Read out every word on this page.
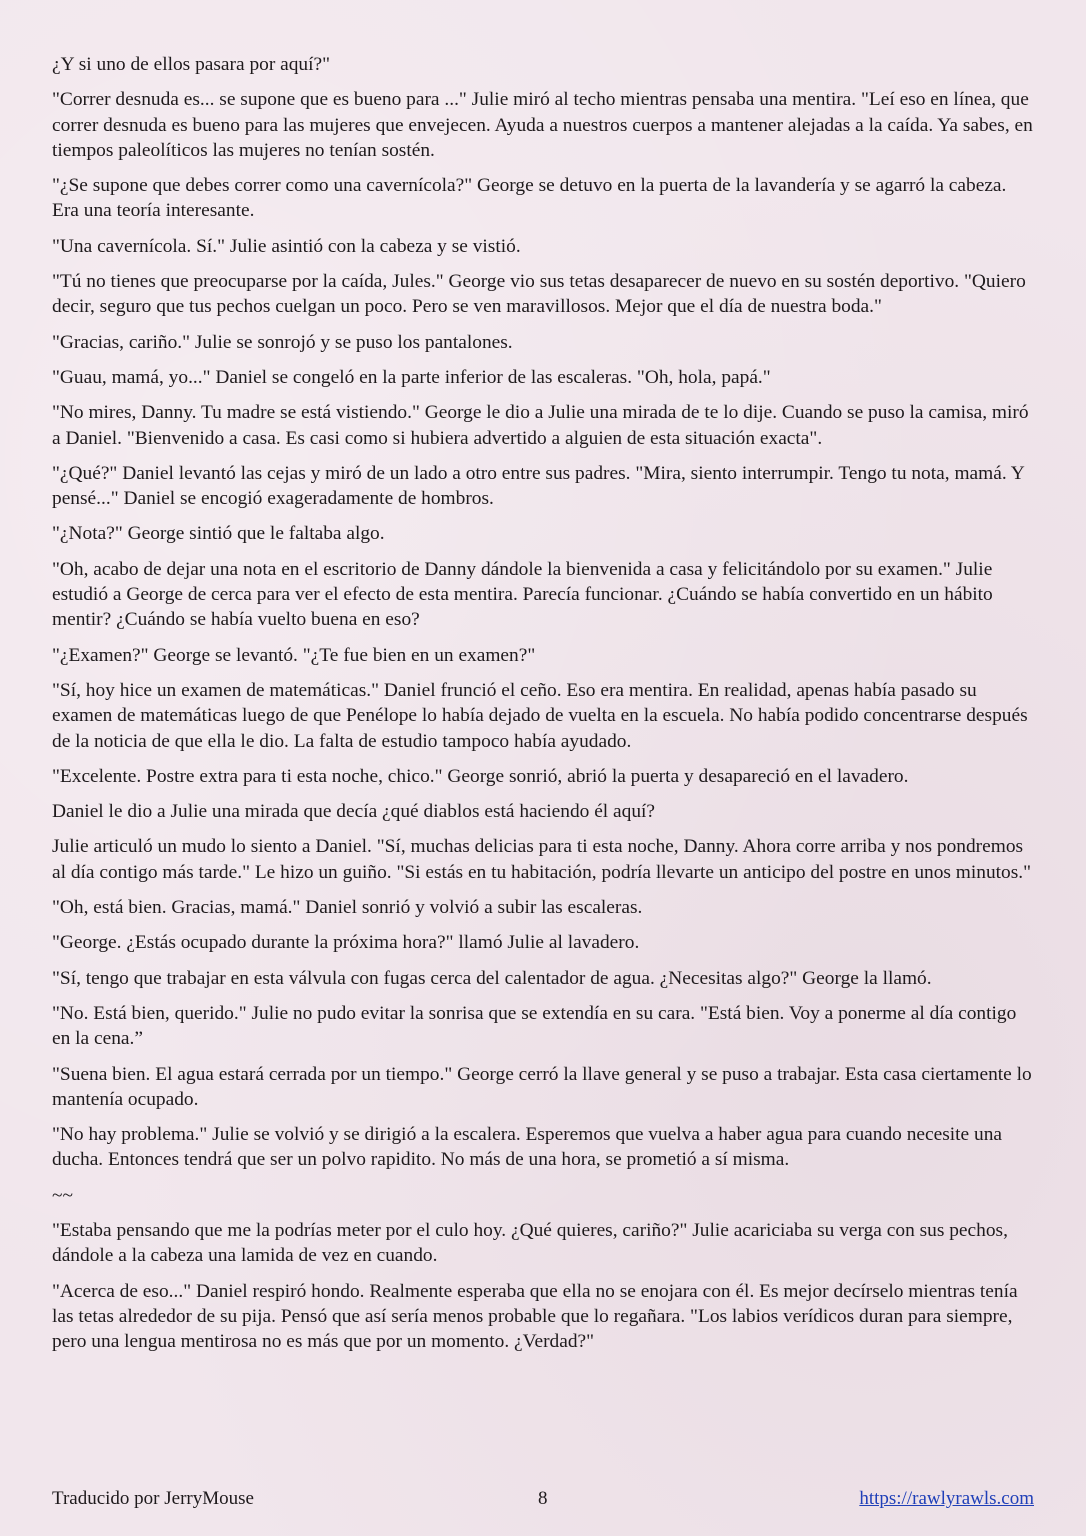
¿Y si uno de ellos pasara por aquí?"

"Correr desnuda es... se supone que es bueno para ..." Julie miró al techo mientras pensaba una mentira. "Leí eso en línea, que correr desnuda es bueno para las mujeres que envejecen. Ayuda a nuestros cuerpos a mantener alejadas a la caída. Ya sabes, en tiempos paleolíticos las mujeres no tenían sostén.

"¿Se supone que debes correr como una cavernícola?" George se detuvo en la puerta de la lavandería y se agarró la cabeza. Era una teoría interesante.

"Una cavernícola. Sí." Julie asintió con la cabeza y se vistió.

"Tú no tienes que preocuparse por la caída, Jules." George vio sus tetas desaparecer de nuevo en su sostén deportivo. "Quiero decir, seguro que tus pechos cuelgan un poco. Pero se ven maravillosos. Mejor que el día de nuestra boda."

"Gracias, cariño." Julie se sonrojó y se puso los pantalones.

"Guau, mamá, yo..." Daniel se congeló en la parte inferior de las escaleras. "Oh, hola, papá."

"No mires, Danny. Tu madre se está vistiendo." George le dio a Julie una mirada de te lo dije. Cuando se puso la camisa, miró a Daniel. "Bienvenido a casa. Es casi como si hubiera advertido a alguien de esta situación exacta".

"¿Qué?" Daniel levantó las cejas y miró de un lado a otro entre sus padres. "Mira, siento interrumpir. Tengo tu nota, mamá. Y pensé..." Daniel se encogió exageradamente de hombros.

"¿Nota?" George sintió que le faltaba algo.

"Oh, acabo de dejar una nota en el escritorio de Danny dándole la bienvenida a casa y felicitándolo por su examen." Julie estudió a George de cerca para ver el efecto de esta mentira. Parecía funcionar. ¿Cuándo se había convertido en un hábito mentir? ¿Cuándo se había vuelto buena en eso?

"¿Examen?" George se levantó. "¿Te fue bien en un examen?"

"Sí, hoy hice un examen de matemáticas." Daniel frunció el ceño. Eso era mentira. En realidad, apenas había pasado su examen de matemáticas luego de que Penélope lo había dejado de vuelta en la escuela. No había podido concentrarse después de la noticia de que ella le dio. La falta de estudio tampoco había ayudado.

"Excelente. Postre extra para ti esta noche, chico." George sonrió, abrió la puerta y desapareció en el lavadero.

Daniel le dio a Julie una mirada que decía ¿qué diablos está haciendo él aquí?

Julie articuló un mudo lo siento a Daniel. "Sí, muchas delicias para ti esta noche, Danny. Ahora corre arriba y nos pondremos al día contigo más tarde." Le hizo un guiño. "Si estás en tu habitación, podría llevarte un anticipo del postre en unos minutos."

"Oh, está bien. Gracias, mamá." Daniel sonrió y volvió a subir las escaleras.

"George. ¿Estás ocupado durante la próxima hora?" llamó Julie al lavadero.

"Sí, tengo que trabajar en esta válvula con fugas cerca del calentador de agua. ¿Necesitas algo?" George la llamó.

"No. Está bien, querido." Julie no pudo evitar la sonrisa que se extendía en su cara. "Está bien. Voy a ponerme al día contigo en la cena.”

"Suena bien. El agua estará cerrada por un tiempo." George cerró la llave general y se puso a trabajar. Esta casa ciertamente lo mantenía ocupado.

"No hay problema." Julie se volvió y se dirigió a la escalera. Esperemos que vuelva a haber agua para cuando necesite una ducha. Entonces tendrá que ser un polvo rapidito. No más de una hora, se prometió a sí misma.

~~

"Estaba pensando que me la podrías meter por el culo hoy. ¿Qué quieres, cariño?" Julie acariciaba su verga con sus pechos, dándole a la cabeza una lamida de vez en cuando.

"Acerca de eso..." Daniel respiró hondo. Realmente esperaba que ella no se enojara con él. Es mejor decírselo mientras tenía las tetas alrededor de su pija. Pensó que así sería menos probable que lo regañara. "Los labios verídicos duran para siempre, pero una lengua mentirosa no es más que por un momento. ¿Verdad?"

Traducido por JerryMouse	8	https://rawlyrawls.com
